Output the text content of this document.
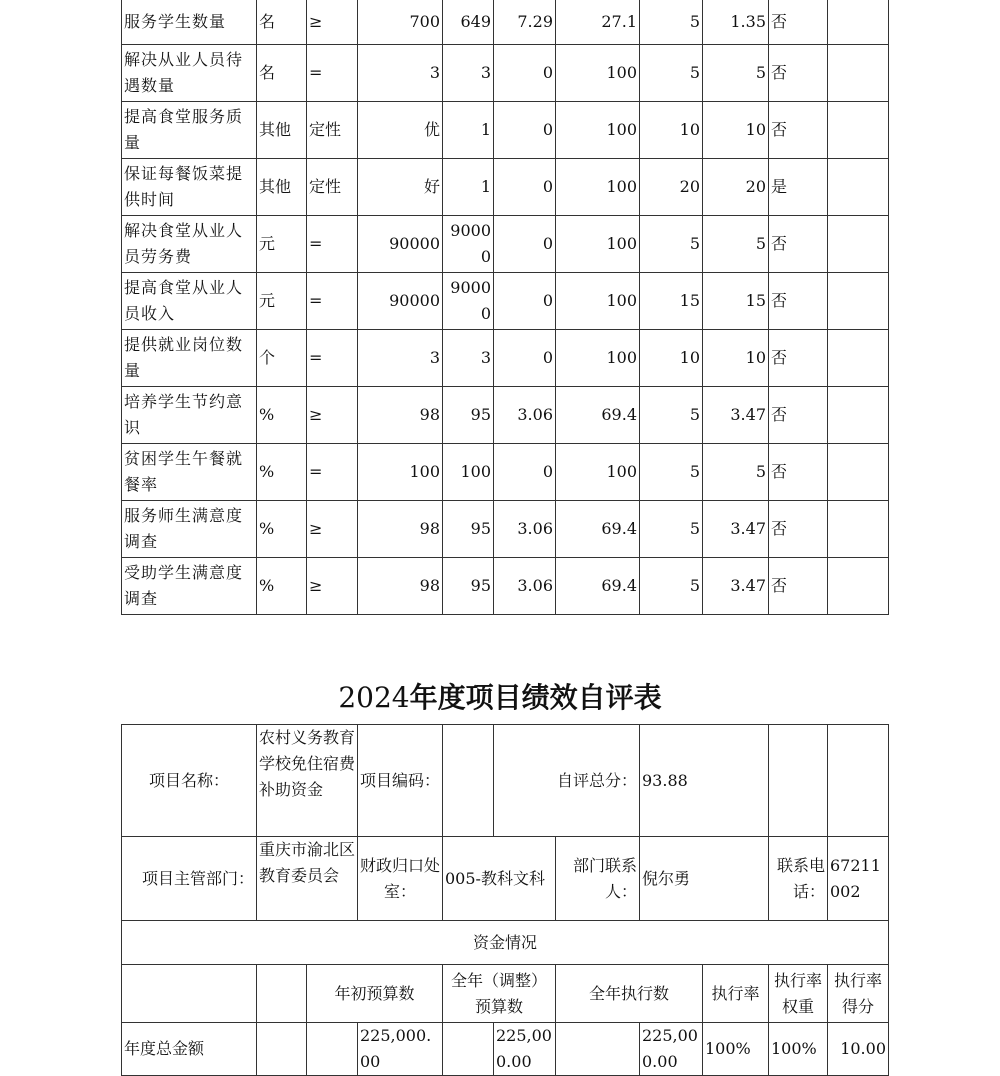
服务学生数量	名	≥	700	649	7.29	27.1	5	1.35	否	
解决从业人员待遇数量	名	=	3	3	0	100	5	5	否	
提高食堂服务质量	其他	定性	优	1	0	100	10	10	否	
保证每餐饭菜提供时间	其他	定性	好	1	0	100	20	20	是	
解决食堂从业人员劳务费	元	=	90000	90000	0	100	5	5	否	
提高食堂从业人员收入	元	=	90000	90000	0	100	15	15	否	
提供就业岗位数量	个	=	3	3	0	100	10	10	否	
培养学生节约意识	%	≥	98	95	3.06	69.4	5	3.47	否	
贫困学生午餐就餐率	%	=	100	100	0	100	5	5	否	
服务师生满意度调查	%	≥	98	95	3.06	69.4	5	3.47	否	
受助学生满意度调查	%	≥	98	95	3.06	69.4	5	3.47	否	
2024年度项目绩效自评表
项目名称：	农村义务教育学校免住宿费补助资金		项目编码：		自评总分：		93.88			
项目主管部门：	重庆市渝北区教育委员会		财政归口处室：	005-教科文科		部门联系人：	倪尔勇		联系电话：	67211002
资金情况										
		年初预算数		全年（调整）预算数		全年执行数		执行率	执行率权重	执行率得分
年度总金额			225,000.00		225,000.00		225,000.00	100%	100%	10.00
